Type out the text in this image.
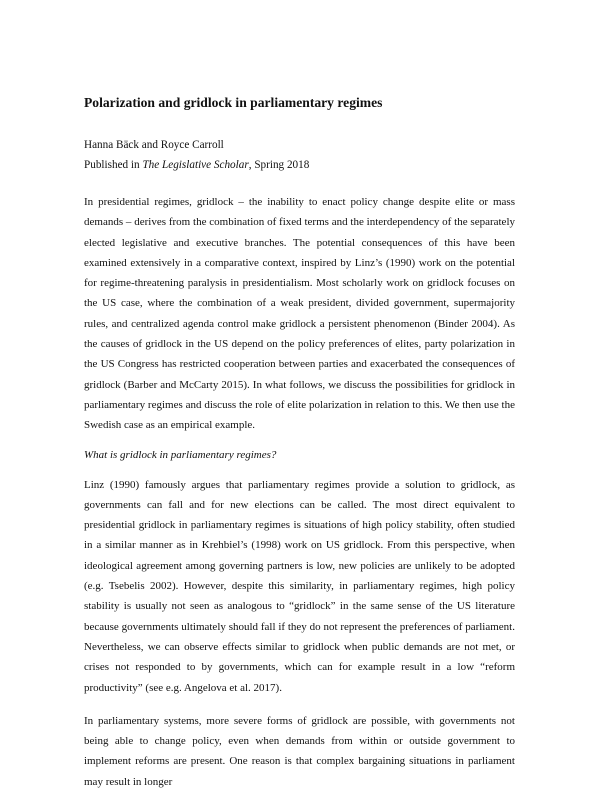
Polarization and gridlock in parliamentary regimes

Hanna Bäck and Royce Carroll

Published in The Legislative Scholar, Spring 2018

In presidential regimes, gridlock – the inability to enact policy change despite elite or mass demands – derives from the combination of fixed terms and the interdependency of the separately elected legislative and executive branches. The potential consequences of this have been examined extensively in a comparative context, inspired by Linz’s (1990) work on the potential for regime-threatening paralysis in presidentialism. Most scholarly work on gridlock focuses on the US case, where the combination of a weak president, divided government, supermajority rules, and centralized agenda control make gridlock a persistent phenomenon (Binder 2004). As the causes of gridlock in the US depend on the policy preferences of elites, party polarization in the US Congress has restricted cooperation between parties and exacerbated the consequences of gridlock (Barber and McCarty 2015). In what follows, we discuss the possibilities for gridlock in parliamentary regimes and discuss the role of elite polarization in relation to this. We then use the Swedish case as an empirical example.

What is gridlock in parliamentary regimes?

Linz (1990) famously argues that parliamentary regimes provide a solution to gridlock, as governments can fall and for new elections can be called. The most direct equivalent to presidential gridlock in parliamentary regimes is situations of high policy stability, often studied in a similar manner as in Krehbiel’s (1998) work on US gridlock. From this perspective, when ideological agreement among governing partners is low, new policies are unlikely to be adopted (e.g. Tsebelis 2002). However, despite this similarity, in parliamentary regimes, high policy stability is usually not seen as analogous to “gridlock” in the same sense of the US literature because governments ultimately should fall if they do not represent the preferences of parliament. Nevertheless, we can observe effects similar to gridlock when public demands are not met, or crises not responded to by governments, which can for example result in a low “reform productivity” (see e.g. Angelova et al. 2017).

In parliamentary systems, more severe forms of gridlock are possible, with governments not being able to change policy, even when demands from within or outside government to implement reforms are present. One reason is that complex bargaining situations in parliament may result in longer
